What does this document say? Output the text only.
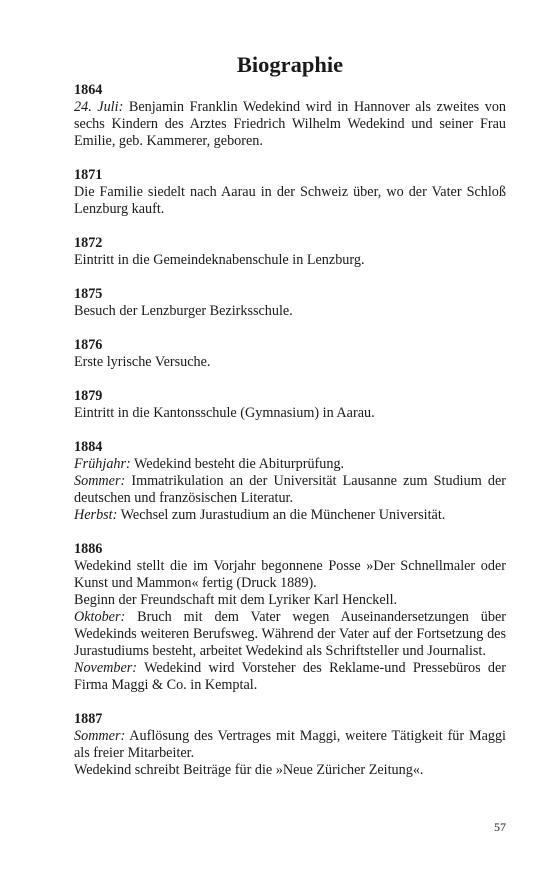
Biographie
1864
24. Juli: Benjamin Franklin Wedekind wird in Hannover als zweites von sechs Kindern des Arztes Friedrich Wilhelm Wedekind und seiner Frau Emilie, geb. Kammerer, geboren.
1871
Die Familie siedelt nach Aarau in der Schweiz über, wo der Vater Schloß Lenzburg kauft.
1872
Eintritt in die Gemeindeknabenschule in Lenzburg.
1875
Besuch der Lenzburger Bezirksschule.
1876
Erste lyrische Versuche.
1879
Eintritt in die Kantonsschule (Gymnasium) in Aarau.
1884
Frühjahr: Wedekind besteht die Abiturprüfung.
Sommer: Immatrikulation an der Universität Lausanne zum Studium der deutschen und französischen Literatur.
Herbst: Wechsel zum Jurastudium an die Münchener Universität.
1886
Wedekind stellt die im Vorjahr begonnene Posse »Der Schnellmaler oder Kunst und Mammon« fertig (Druck 1889).
Beginn der Freundschaft mit dem Lyriker Karl Henckell.
Oktober: Bruch mit dem Vater wegen Auseinandersetzungen über Wedekinds weiteren Berufsweg. Während der Vater auf der Fortsetzung des Jurastudiums besteht, arbeitet Wedekind als Schriftsteller und Journalist.
November: Wedekind wird Vorsteher des Reklame-und Pressebüros der Firma Maggi & Co. in Kemptal.
1887
Sommer: Auflösung des Vertrages mit Maggi, weitere Tätigkeit für Maggi als freier Mitarbeiter.
Wedekind schreibt Beiträge für die »Neue Züricher Zeitung«.
57
